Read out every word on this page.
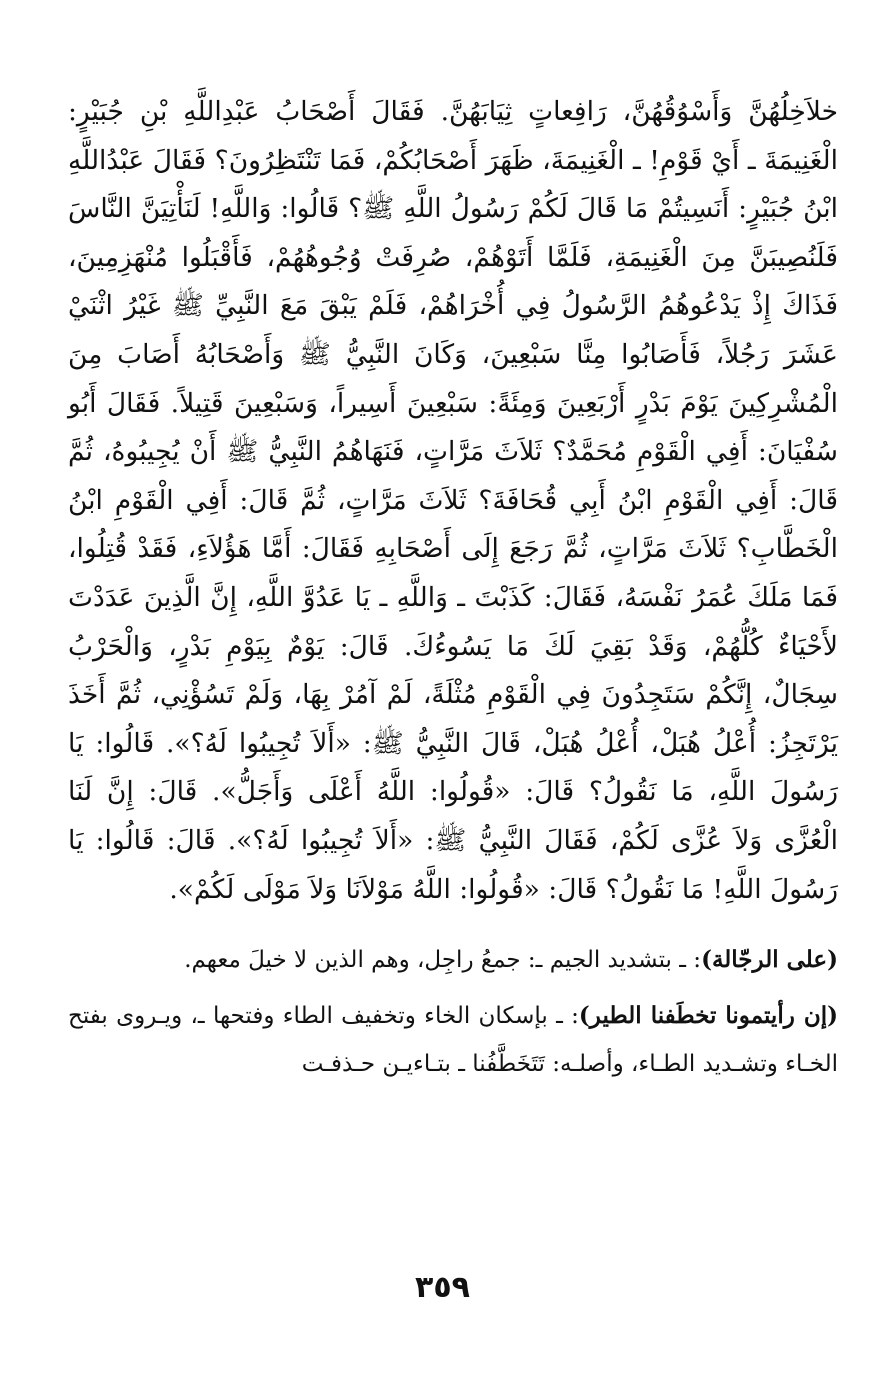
خلاَخِلُهُنَّ وَأَسْوُقُهُنَّ، رَافِعاتٍ ثِيَابَهُنَّ. فَقَالَ أَصْحَابُ عَبْدِاللَّهِ بْنِ جُبَيْرٍ: الْغَنِيمَةَ ـ أَيْ قَوْمِ! ـ الْغَنِيمَةَ، ظَهَرَ أَصْحَابُكُمْ، فَمَا تَنْتَظِرُونَ؟ فَقَالَ عَبْدُاللَّهِ ابْنُ جُبَيْرٍ: أَنَسِيتُمْ مَا قَالَ لَكُمْ رَسُولُ اللَّهِ ﷺ؟ قَالُوا: وَاللَّهِ! لَنَأْتِيَنَّ النَّاسَ فَلَنُصِيبَنَّ مِنَ الْغَنِيمَةِ، فَلَمَّا أَتَوْهُمْ، صُرِفَتْ وُجُوهُهُمْ، فَأَقْبَلُوا مُنْهَزِمِينَ، فَذَاكَ إِذْ يَدْعُوهُمُ الرَّسُولُ فِي أُخْرَاهُمْ، فَلَمْ يَبْقَ مَعَ النَّبِيِّ ﷺ غَيْرُ اثْنَيْ عَشَرَ رَجُلاً، فَأَصَابُوا مِنَّا سَبْعِينَ، وَكَانَ النَّبِيُّ ﷺ وَأَصْحَابُهُ أَصَابَ مِنَ الْمُشْرِكِينَ يَوْمَ بَدْرٍ أَرْبَعِينَ وَمِئَةً: سَبْعِينَ أَسِيراً، وَسَبْعِينَ قَتِيلاً. فَقَالَ أَبُو سُفْيَانَ: أَفِي الْقَوْمِ مُحَمَّدٌ؟ ثَلاَثَ مَرَّاتٍ، فَنَهَاهُمُ النَّبِيُّ ﷺ أَنْ يُجِيبُوهُ، ثُمَّ قَالَ: أَفِي الْقَوْمِ ابْنُ أَبِي قُحَافَةَ؟ ثَلاَثَ مَرَّاتٍ، ثُمَّ قَالَ: أَفِي الْقَوْمِ ابْنُ الْخَطَّابِ؟ ثَلاَثَ مَرَّاتٍ، ثُمَّ رَجَعَ إِلَى أَصْحَابِهِ فَقَالَ: أَمَّا هَؤُلاَءِ، فَقَدْ قُتِلُوا، فَمَا مَلَكَ عُمَرُ نَفْسَهُ، فَقَالَ: كَذَبْتَ ـ وَاللَّهِ ـ يَا عَدُوَّ اللَّهِ، إِنَّ الَّذِينَ عَدَدْتَ لأَحْيَاءٌ كُلُّهُمْ، وَقَدْ بَقِيَ لَكَ مَا يَسُوءُكَ. قَالَ: يَوْمٌ بِيَوْمِ بَدْرٍ، وَالْحَرْبُ سِجَالٌ، إِنَّكُمْ سَتَجِدُونَ فِي الْقَوْمِ مُثْلَةً، لَمْ آمُرْ بِهَا، وَلَمْ تَسُؤْنِي، ثُمَّ أَخَذَ يَرْتَجِزُ: أُعْلُ هُبَلْ، أُعْلُ هُبَلْ، قَالَ النَّبِيُّ ﷺ: «أَلاَ تُجِيبُوا لَهُ؟». قَالُوا: يَا رَسُولَ اللَّهِ، مَا نَقُولُ؟ قَالَ: «قُولُوا: اللَّهُ أَعْلَى وَأَجَلُّ». قَالَ: إِنَّ لَنَا الْعُزَّى وَلاَ عُزَّى لَكُمْ، فَقَالَ النَّبِيُّ ﷺ: «أَلاَ تُجِيبُوا لَهُ؟». قَالَ: قَالُوا: يَا رَسُولَ اللَّهِ! مَا نَقُولُ؟ قَالَ: «قُولُوا: اللَّهُ مَوْلاَنَا وَلاَ مَوْلَى لَكُمْ».

(على الرجّالة): ـ بتشديد الجيم ـ: جمعُ راجِل، وهم الذين لا خيلَ معهم.

(إن رأيتمونا تخطَفنا الطير): ـ بإسكان الخاء وتخفيف الطاء وفتحها ـ، ويـروى بفتح الخـاء وتشـديد الطـاء، وأصلـه: تَتَخَطَّفُنا ـ بتـاءيـن حـذفـت

٣٥٩
